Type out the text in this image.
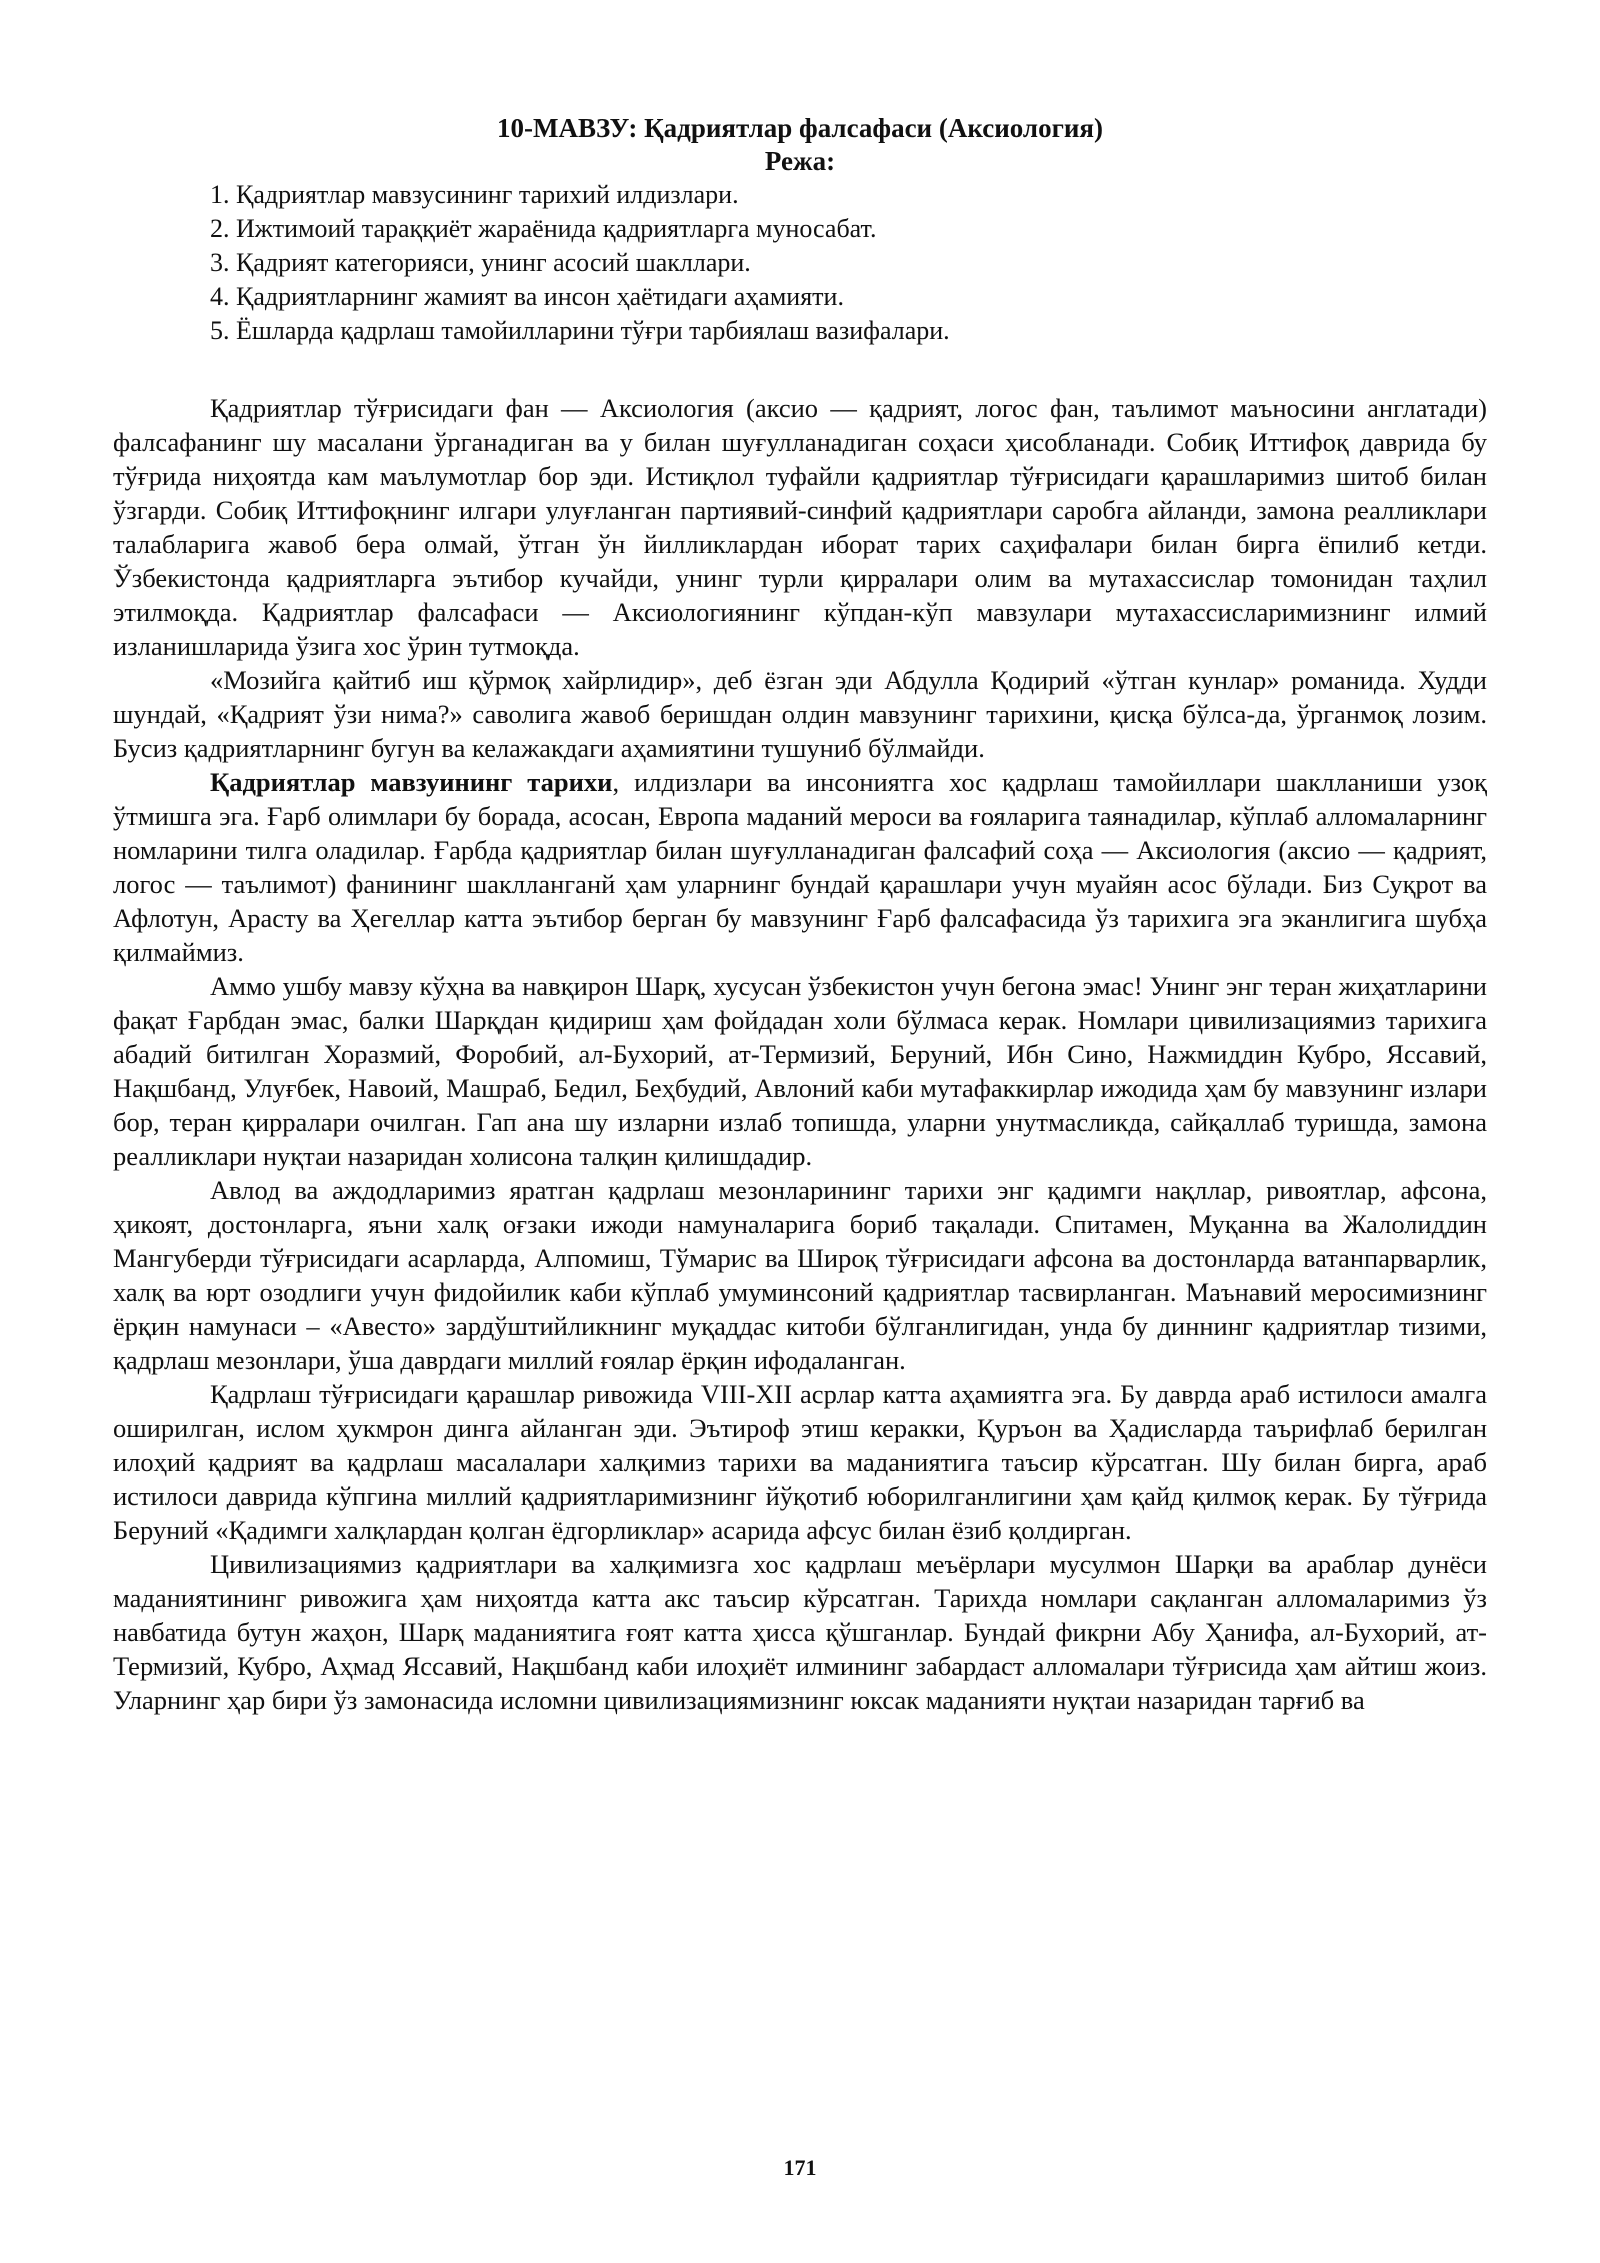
10-МАВЗУ: Қадриятлар фалсафаси (Аксиология)
Режа:
1. Қадриятлар мавзусининг тарихий илдизлари.
2. Ижтимоий тараққиёт жараёнида қадриятларга муносабат.
3. Қадрият категорияси, унинг асосий шакллари.
4. Қадриятларнинг жамият ва инсон ҳаётидаги аҳамияти.
5. Ёшларда қадрлаш тамойилларини тўғри тарбиялаш вазифалари.

Қадриятлар тўғрисидаги фан — Аксиология (аксио — қадрият, логос фан, таълимот маъносини англатади) фалсафанинг шу масалани ўрганадиган ва у билан шуғулланадиган соҳаси ҳисобланади. Собиқ Иттифоқ даврида бу тўғрида ниҳоятда кам маълумотлар бор эди. Истиқлол туфайли қадриятлар тўғрисидаги қарашларимиз шитоб билан ўзгарди. Собиқ Иттифоқнинг илгари улуғланган партиявий-синфий қадриятлари саробга айланди, замона реалликлари талабларига жавоб бера олмай, ўтган ўн йилликлардан иборат тарих саҳифалари билан бирга ёпилиб кетди. Ўзбекистонда қадриятларга эътибор кучайди, унинг турли қирралари олим ва мутахассислар томонидан таҳлил этилмоқда. Қадриятлар фалсафаси — Аксиологиянинг кўпдан-кўп мавзулари мутахассисларимизнинг илмий изланишларида ўзига хос ўрин тутмоқда.

«Мозийга қайтиб иш қўрмоқ хайрлидир», деб ёзган эди Абдулла Қодирий «ўтган кунлар» романида. Худди шундай, «Қадрият ўзи нима?» саволига жавоб беришдан олдин мавзунинг тарихини, қисқа бўлса-да, ўрганмоқ лозим. Бусиз қадриятларнинг бугун ва келажакдаги аҳамиятини тушуниб бўлмайди.

Қадриятлар мавзуининг тарихи, илдизлари ва инсониятга хос қадрлаш тамойиллари шаклланиши узоқ ўтмишга эга. Ғарб олимлари бу борада, асосан, Европа маданий мероси ва ғояларига таянадилар, кўплаб алломаларнинг номларини тилга оладилар. Ғарбда қадриятлар билан шуғулланадиган фалсафий соҳа — Аксиология (аксио — қадрият, логос — таълимот) фанининг шаклланганй ҳам уларнинг бундай қарашлари учун муайян асос бўлади. Биз Суқрот ва Афлотун, Арасту ва Ҳегеллар катта эътибор берган бу мавзунинг Ғарб фалсафасида ўз тарихига эга эканлигига шубҳа қилмаймиз.

Аммо ушбу мавзу кўҳна ва навқирон Шарқ, хусусан ўзбекистон учун бегона эмас! Унинг энг теран жиҳатларини фақат Ғарбдан эмас, балки Шарқдан қидириш ҳам фойдадан холи бўлмаса керак. Номлари цивилизациямиз тарихига абадий битилган Хоразмий, Форобий, ал-Бухорий, ат-Термизий, Беруний, Ибн Сино, Нажмиддин Кубро, Яссавий, Нақшбанд, Улуғбек, Навоий, Машраб, Бедил, Беҳбудий, Авлоний каби мутафаккирлар ижодида ҳам бу мавзунинг излари бор, теран қирралари очилган. Гап ана шу изларни излаб топишда, уларни унутмасликда, сайқаллаб туришда, замона реалликлари нуқтаи назаридан холисона талқин қилишдадир.

Авлод ва аждодларимиз яратган қадрлаш мезонларининг тарихи энг қадимги нақллар, ривоятлар, афсона, ҳикоят, достонларга, яъни халқ оғзаки ижоди намуналарига бориб тақалади. Спитамен, Муқанна ва Жалолиддин Мангуберди тўғрисидаги асарларда, Алпомиш, Тўмарис ва Широқ тўғрисидаги афсона ва достонларда ватанпарварлик, халқ ва юрт озодлиги учун фидойилик каби кўплаб умуминсоний қадриятлар тасвирланган. Маънавий меросимизнинг ёрқин намунаси – «Авесто» зардўштийликнинг муқаддас китоби бўлганлигидан, унда бу диннинг қадриятлар тизими, қадрлаш мезонлари, ўша даврдаги миллий ғоялар ёрқин ифодаланган.

Қадрлаш тўғрисидаги қарашлар ривожида VIII-XII асрлар катта аҳамиятга эга. Бу даврда араб истилоси амалга оширилган, ислом ҳукмрон динга айланган эди. Эътироф этиш керакки, Қуръон ва Ҳадисларда таърифлаб берилган илоҳий қадрият ва қадрлаш масалалари халқимиз тарихи ва маданиятига таъсир кўрсатган. Шу билан бирга, араб истилоси даврида кўпгина миллий қадриятларимизнинг йўқотиб юборилганлигини ҳам қайд қилмоқ керак. Бу тўғрида Беруний «Қадимги халқлардан қолган ёдгорликлар» асарида афсус билан ёзиб қолдирган.

Цивилизациямиз қадриятлари ва халқимизга хос қадрлаш меъёрлари мусулмон Шарқи ва араблар дунёси маданиятининг ривожига ҳам ниҳоятда катта акс таъсир кўрсатган. Тарихда номлари сақланган алломаларимиз ўз навбатида бутун жаҳон, Шарқ маданиятига ғоят катта ҳисса қўшганлар. Бундай фикрни Абу Ҳанифа, ал-Бухорий, ат-Термизий, Кубро, Аҳмад Яссавий, Нақшбанд каби илоҳиёт илмининг забардаст алломалари тўғрисида ҳам айтиш жоиз. Уларнинг ҳар бири ўз замонасида исломни цивилизациямизнинг юксак маданияти нуқтаи назаридан тарғиб ва

171
